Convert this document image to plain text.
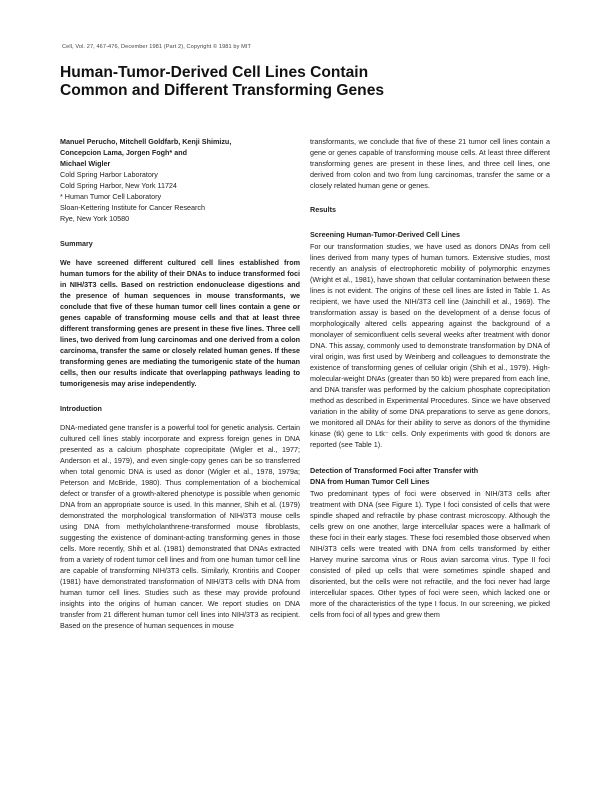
Cell, Vol. 27, 467-476, December 1981 (Part 2), Copyright © 1981 by MIT
Human-Tumor-Derived Cell Lines Contain
Common and Different Transforming Genes
Manuel Perucho, Mitchell Goldfarb, Kenji Shimizu,
Concepcion Lama, Jorgen Fogh* and
Michael Wigler
Cold Spring Harbor Laboratory
Cold Spring Harbor, New York 11724
* Human Tumor Cell Laboratory
Sloan-Kettering Institute for Cancer Research
Rye, New York 10580
Summary

We have screened different cultured cell lines established from human tumors for the ability of their DNAs to induce transformed foci in NIH/3T3 cells. Based on restriction endonuclease digestions and the presence of human sequences in mouse transformants, we conclude that five of these human tumor cell lines contain a gene or genes capable of transforming mouse cells and that at least three different transforming genes are present in these five lines. Three cell lines, two derived from lung carcinomas and one derived from a colon carcinoma, transfer the same or closely related human genes. If these transforming genes are mediating the tumorigenic state of the human cells, then our results indicate that overlapping pathways leading to tumorigenesis may arise independently.

Introduction

DNA-mediated gene transfer is a powerful tool for genetic analysis. Certain cultured cell lines stably incorporate and express foreign genes in DNA presented as a calcium phosphate coprecipitate (Wigler et al., 1977; Anderson et al., 1979), and even single-copy genes can be so transferred when total genomic DNA is used as donor (Wigler et al., 1978, 1979a; Peterson and McBride, 1980). Thus complementation of a biochemical defect or transfer of a growth-altered phenotype is possible when genomic DNA from an appropriate source is used. In this manner, Shih et al. (1979) demonstrated the morphological transformation of NIH/3T3 mouse cells using DNA from methylcholanthrene-transformed mouse fibroblasts, suggesting the existence of dominant-acting transforming genes in those cells. More recently, Shih et al. (1981) demonstrated that DNAs extracted from a variety of rodent tumor cell lines and from one human tumor cell line are capable of transforming NIH/3T3 cells. Similarly, Krontiris and Cooper (1981) have demonstrated transformation of NIH/3T3 cells with DNA from human tumor cell lines. Studies such as these may provide profound insights into the origins of human cancer. We report studies on DNA transfer from 21 different human tumor cell lines into NIH/3T3 as recipient. Based on the presence of human sequences in mouse

transformants, we conclude that five of these 21 tumor cell lines contain a gene or genes capable of transforming mouse cells. At least three different transforming genes are present in these lines, and three cell lines, one derived from colon and two from lung carcinomas, transfer the same or a closely related human gene or genes.

Results
Screening Human-Tumor-Derived Cell Lines

For our transformation studies, we have used as donors DNAs from cell lines derived from many types of human tumors. Extensive studies, most recently an analysis of electrophoretic mobility of polymorphic enzymes (Wright et al., 1981), have shown that cellular contamination between these lines is not evident. The origins of these cell lines are listed in Table 1. As recipient, we have used the NIH/3T3 cell line (Jainchill et al., 1969). The transformation assay is based on the development of a dense focus of morphologically altered cells appearing against the background of a monolayer of semiconfluent cells several weeks after treatment with donor DNA. This assay, commonly used to demonstrate transformation by DNA of viral origin, was first used by Weinberg and colleagues to demonstrate the existence of transforming genes of cellular origin (Shih et al., 1979). High-molecular-weight DNAs (greater than 50 kb) were prepared from each line, and DNA transfer was performed by the calcium phosphate coprecipitation method as described in Experimental Procedures. Since we have observed variation in the ability of some DNA preparations to serve as gene donors, we monitored all DNAs for their ability to serve as donors of the thymidine kinase (tk) gene to Ltk⁻ cells. Only experiments with good tk donors are reported (see Table 1).

Detection of Transformed Foci after Transfer with
DNA from Human Tumor Cell Lines

Two predominant types of foci were observed in NIH/3T3 cells after treatment with DNA (see Figure 1). Type I foci consisted of cells that were spindle shaped and refractile by phase contrast microscopy. Although the cells grew on one another, large intercellular spaces were a hallmark of these foci in their early stages. These foci resembled those observed when NIH/3T3 cells were treated with DNA from cells transformed by either Harvey murine sarcoma virus or Rous avian sarcoma virus. Type II foci consisted of piled up cells that were sometimes spindle shaped and disoriented, but the cells were not refractile, and the foci never had large intercellular spaces. Other types of foci were seen, which lacked one or more of the characteristics of the type I focus. In our screening, we picked cells from foci of all types and grew them
